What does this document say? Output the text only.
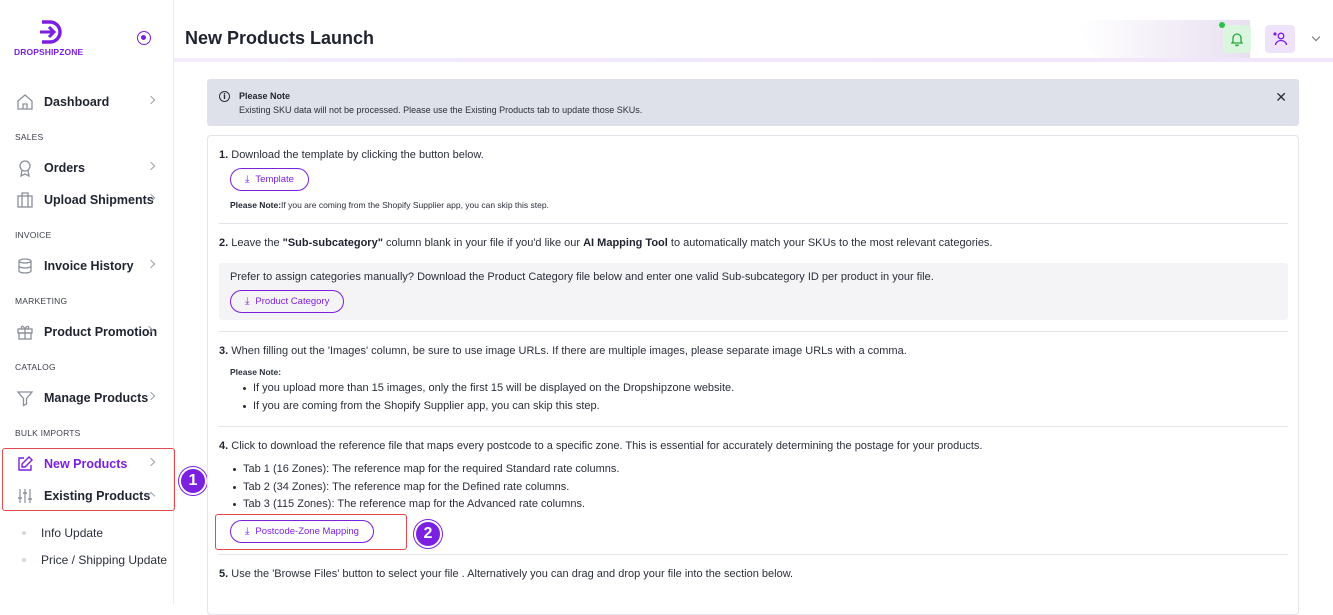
DROPSHIPZONE
Dashboard
SALES
Orders
Upload Shipments
INVOICE
Invoice History
MARKETING
Product Promotion
CATALOG
Manage Products
BULK IMPORTS
New Products
Existing Products
Info Update
Price / Shipping Update
1
New Products Launch
i	Please Note
Existing SKU data will not be processed. Please use the Existing Products tab to update those SKUs.
✕
1. Download the template by clicking the button below.
⤓ Template
Please Note:If you are coming from the Shopify Supplier app, you can skip this step.
2. Leave the "Sub-subcategory" column blank in your file if you'd like our AI Mapping Tool to automatically match your SKUs to the most relevant categories.
Prefer to assign categories manually? Download the Product Category file below and enter one valid Sub-subcategory ID per product in your file.
⤓ Product Category
3. When filling out the 'Images' column, be sure to use image URLs. If there are multiple images, please separate image URLs with a comma.
Please Note:
If you upload more than 15 images, only the first 15 will be displayed on the Dropshipzone website.
If you are coming from the Shopify Supplier app, you can skip this step.
4. Click to download the reference file that maps every postcode to a specific zone. This is essential for accurately determining the postage for your products.
Tab 1 (16 Zones): The reference map for the required Standard rate columns.
Tab 2 (34 Zones): The reference map for the Defined rate columns.
Tab 3 (115 Zones): The reference map for the Advanced rate columns.
⤓ Postcode-Zone Mapping	2
5. Use the 'Browse Files' button to select your file . Alternatively you can drag and drop your file into the section below.
